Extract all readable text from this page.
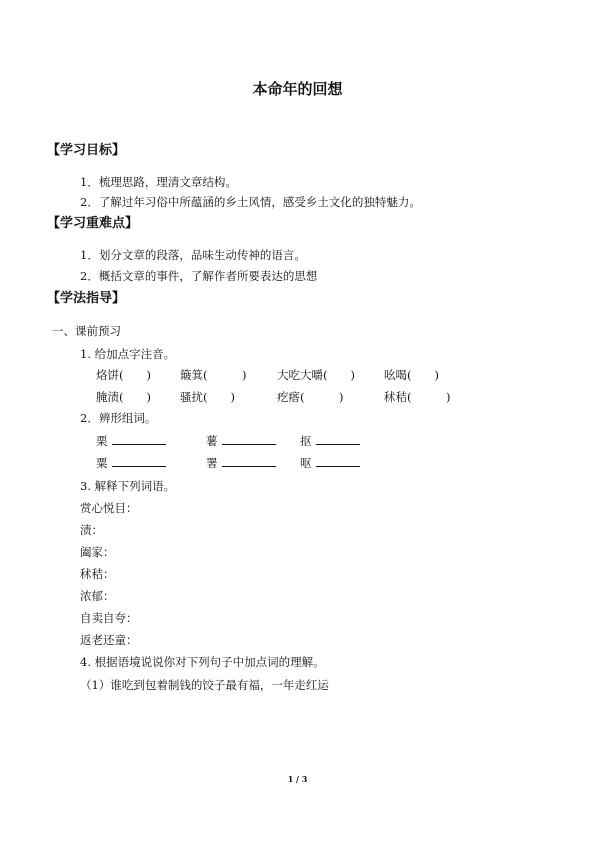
本命年的回想
【学习目标】
1．梳理思路，理清文章结构。
2．了解过年习俗中所蕴涵的乡土风情，感受乡土文化的独特魅力。
【学习重难点】
1．划分文章的段落，品味生动传神的语言。
2．概括文章的事件，了解作者所要表达的思想
【学法指导】
一、课前预习
1. 给加点字注音。
烙饼(　　)	簸箕(　　　)	大吃大嚼(　　)	吆喝(　　)
腌渍(　　)	骚扰(　　)	疙瘩(　　　)	秫秸(　　　)
2．辨形组词。
栗	薯	抠
粟	署	呕
3. 解释下列词语。
赏心悦目：
渍：
阖家：
秫秸：
浓郁：
自卖自夸：
返老还童：
4. 根据语境说说你对下列句子中加点词的理解。
（1）谁吃到包着制钱的饺子最有福，一年走红运
1 / 3
